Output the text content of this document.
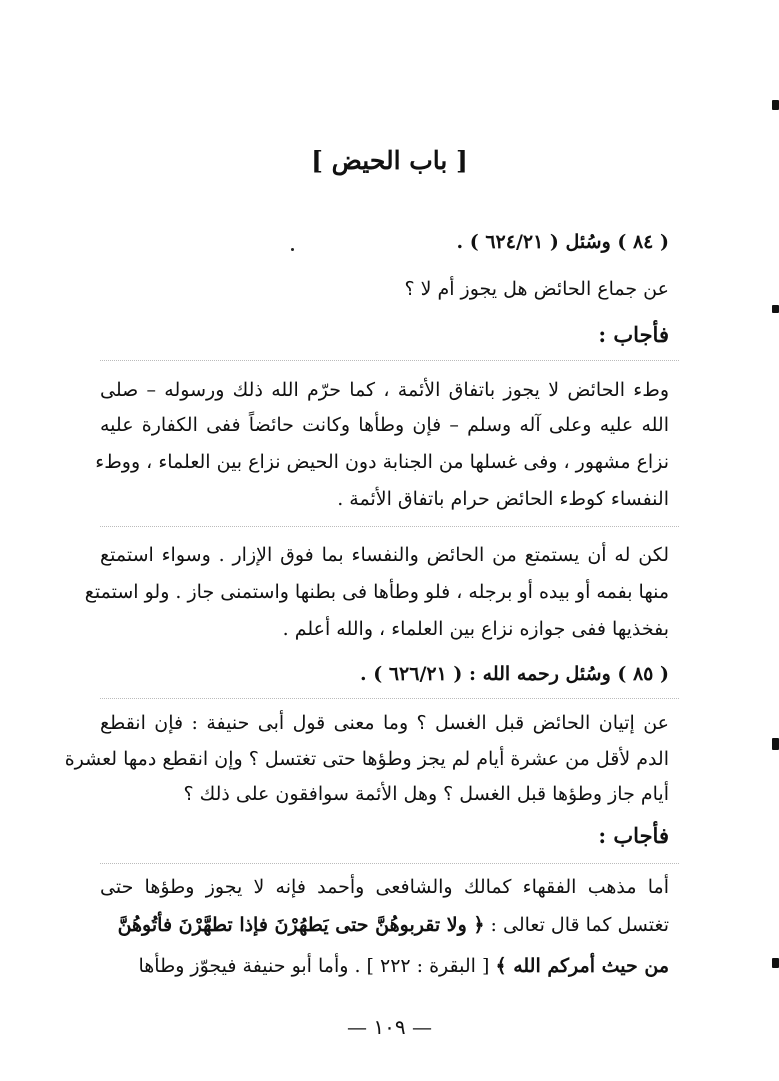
[ باب الحيض ]
( ٨٤ ) وسُئل ( ٦٢٤/٢١ ) .
عن جماع الحائض هل يجوز أم لا ؟
فأجاب :
وطء الحائض لا يجوز باتفاق الأئمة ، كما حرّم الله ذلك ورسوله – صلى
الله عليه وعلى آله وسلم – فإن وطأها وكانت حائضاً ففى الكفارة عليه
نزاع مشهور ، وفى غسلها من الجنابة دون الحيض نزاع بين العلماء ، ووطء
النفساء كوطء الحائض حرام باتفاق الأئمة .
لكن له أن يستمتع من الحائض والنفساء بما فوق الإزار . وسواء استمتع
منها بفمه أو بيده أو برجله ، فلو وطأها فى بطنها واستمنى جاز . ولو استمتع
بفخذيها ففى جوازه نزاع بين العلماء ، والله أعلم .
( ٨٥ ) وسُئل رحمه الله : ( ٦٢٦/٢١ ) .
عن إتيان الحائض قبل الغسل ؟ وما معنى قول أبى حنيفة : فإن انقطع
الدم لأقل من عشرة أيام لم يجز وطؤها حتى تغتسل ؟ وإن انقطع دمها لعشرة
أيام جاز وطؤها قبل الغسل ؟ وهل الأئمة سوافقون على ذلك ؟
فأجاب :
أما مذهب الفقهاء كمالك والشافعى وأحمد فإنه لا يجوز وطؤها حتى
تغتسل كما قال تعالى : ﴿ ولا تقربوهُنَّ حتى يَطهُرْنَ فإذا تطهَّرْنَ فأتُوهُنَّ
من حيث أمركم الله ﴾ [ البقرة : ٢٢٢ ] . وأما أبو حنيفة فيجوّز وطأها
— ١٠٩ —
